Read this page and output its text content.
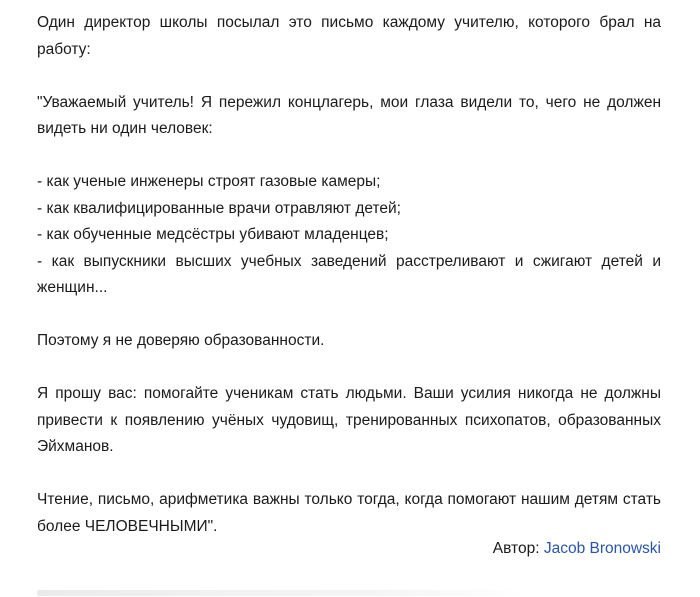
Один директор школы посылал это письмо каждому учителю, которого брал на работу:

"Уважаемый учитель! Я пережил концлагерь, мои глаза видели то, чего не должен видеть ни один человек:

- как ученые инженеры строят газовые камеры;

- как квалифицированные врачи отравляют детей;

- как обученные медсёстры убивают младенцев;

- как выпускники высших учебных заведений расстреливают и сжигают детей и женщин...

Поэтому я не доверяю образованности.

Я прошу вас: помогайте ученикам стать людьми. Ваши усилия никогда не должны привести к появлению учёных чудовищ, тренированных психопатов, образованных Эйхманов.

Чтение, письмо, арифметика важны только тогда, когда помогают нашим детям стать более ЧЕЛОВЕЧНЫМИ".

Автор: Jacob Bronowski
